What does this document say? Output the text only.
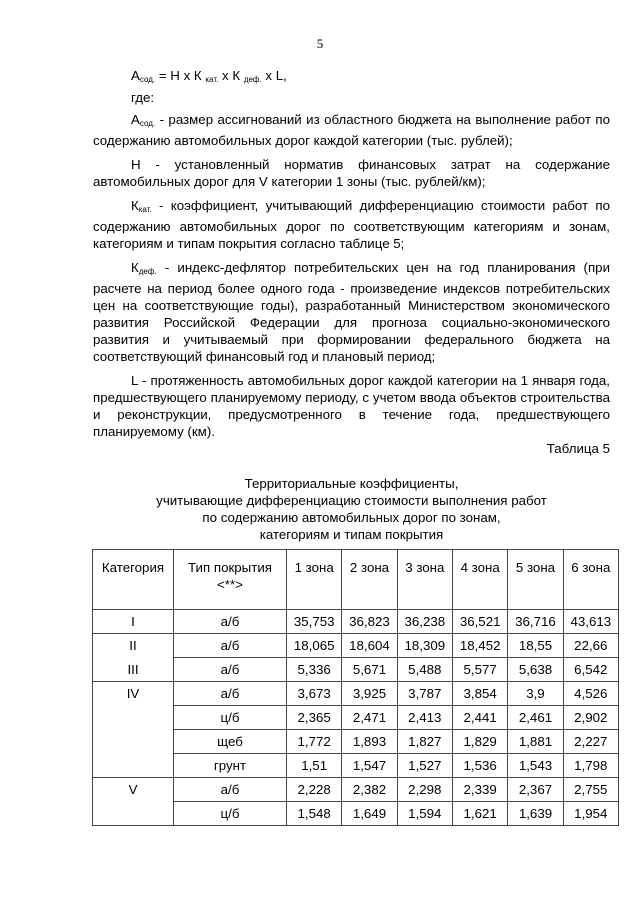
5
$А_{сод.} = Н$ х К $_{кат.}$ х К $_{деф.}$ х L,
где:

$А_{сод.}$ - размер ассигнований из областного бюджета на выполнение работ по содержанию автомобильных дорог каждой категории (тыс. рублей);

Н - установленный норматив финансовых затрат на содержание автомобильных дорог для V категории 1 зоны (тыс. рублей/км);

$К_{кат.}$ - коэффициент, учитывающий дифференциацию стоимости работ по содержанию автомобильных дорог по соответствующим категориям и зонам, категориям и типам покрытия согласно таблице 5;

$К_{деф.}$ - индекс-дефлятор потребительских цен на год планирования (при расчете на период более одного года - произведение индексов потребительских цен на соответствующие годы), разработанный Министерством экономического развития Российской Федерации для прогноза социально-экономического развития и учитываемый при формировании федерального бюджета на соответствующий финансовый год и плановый период;

L - протяженность автомобильных дорог каждой категории на 1 января года, предшествующего планируемому периоду, с учетом ввода объектов строительства и реконструкции, предусмотренного в течение года, предшествующего планируемому (км).

Таблица 5
Территориальные коэффициенты,
учитывающие дифференциацию стоимости выполнения работ
по содержанию автомобильных дорог по зонам,
категориям и типам покрытия
Категория	Тип покрытия <**>	1 зона	2 зона	3 зона	4 зона	5 зона	6 зона
I	а/б	35,753	36,823	36,238	36,521	36,716	43,613
II	а/б	18,065	18,604	18,309	18,452	18,55	22,66
III	а/б	5,336	5,671	5,488	5,577	5,638	6,542
IV	а/б	3,673	3,925	3,787	3,854	3,9	4,526
	ц/б	2,365	2,471	2,413	2,441	2,461	2,902
	щеб	1,772	1,893	1,827	1,829	1,881	2,227
	грунт	1,51	1,547	1,527	1,536	1,543	1,798
V	а/б	2,228	2,382	2,298	2,339	2,367	2,755
	ц/б	1,548	1,649	1,594	1,621	1,639	1,954
